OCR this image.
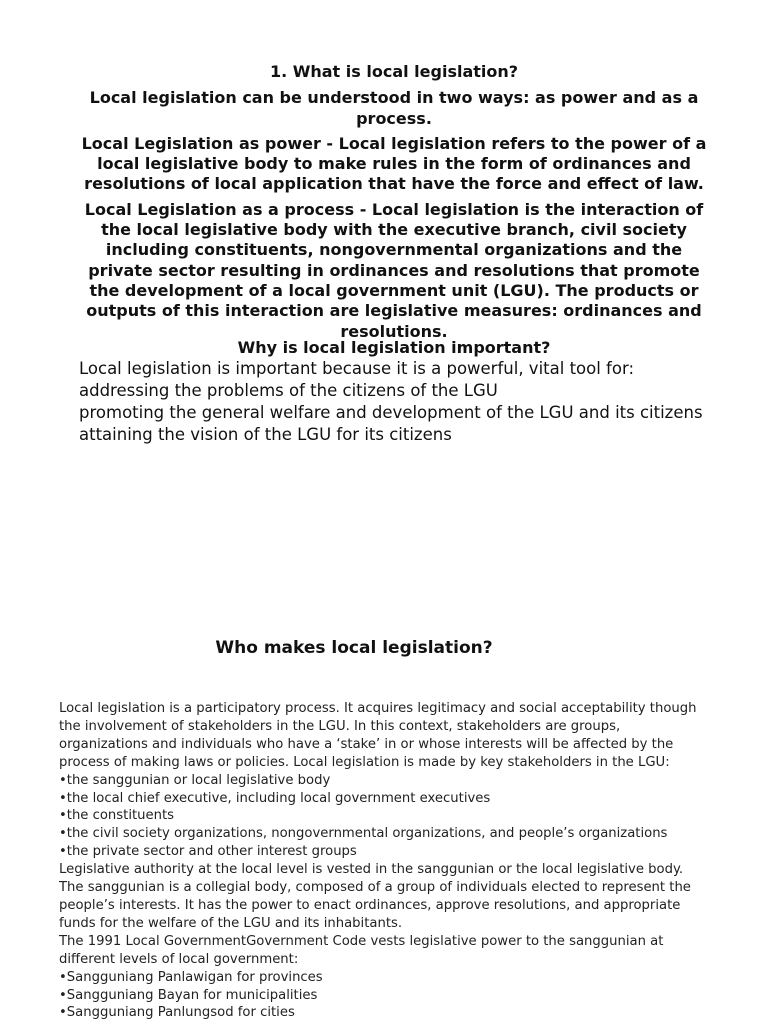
1. What is local legislation?

Local legislation can be understood in two ways: as power and as a process.

Local Legislation as power - Local legislation refers to the power of a local legislative body to make rules in the form of ordinances and resolutions of local application that have the force and effect of law.

Local Legislation as a process - Local legislation is the interaction of the local legislative body with the executive branch, civil society including constituents, nongovernmental organizations and the private sector resulting in ordinances and resolutions that promote the development of a local government unit (LGU). The products or outputs of this interaction are legislative measures: ordinances and resolutions.

Why is local legislation important?

Local legislation is important because it is a powerful, vital tool for:

addressing the problems of the citizens of the LGU

promoting the general welfare and development of the LGU and its citizens

attaining the vision of the LGU for its citizens

Who makes local legislation?

Local legislation is a participatory process. It acquires legitimacy and social acceptability though the involvement of stakeholders in the LGU. In this context, stakeholders are groups, organizations and individuals who have a ‘stake’ in or whose interests will be affected by the process of making laws or policies. Local legislation is made by key stakeholders in the LGU:

•the sanggunian or local legislative body

•the local chief executive, including local government executives

•the constituents

•the civil society organizations, nongovernmental organizations, and people’s organizations

•the private sector and other interest groups

Legislative authority at the local level is vested in the sanggunian or the local legislative body. The sanggunian is a collegial body, composed of a group of individuals elected to represent the people’s interests. It has the power to enact ordinances, approve resolutions, and appropriate funds for the welfare of the LGU and its inhabitants.

The 1991 Local GovernmentGovernment Code vests legislative power to the sanggunian at different levels of local government:

•Sangguniang Panlawigan for provinces

•Sangguniang Bayan for municipalities

•Sangguniang Panlungsod for cities
